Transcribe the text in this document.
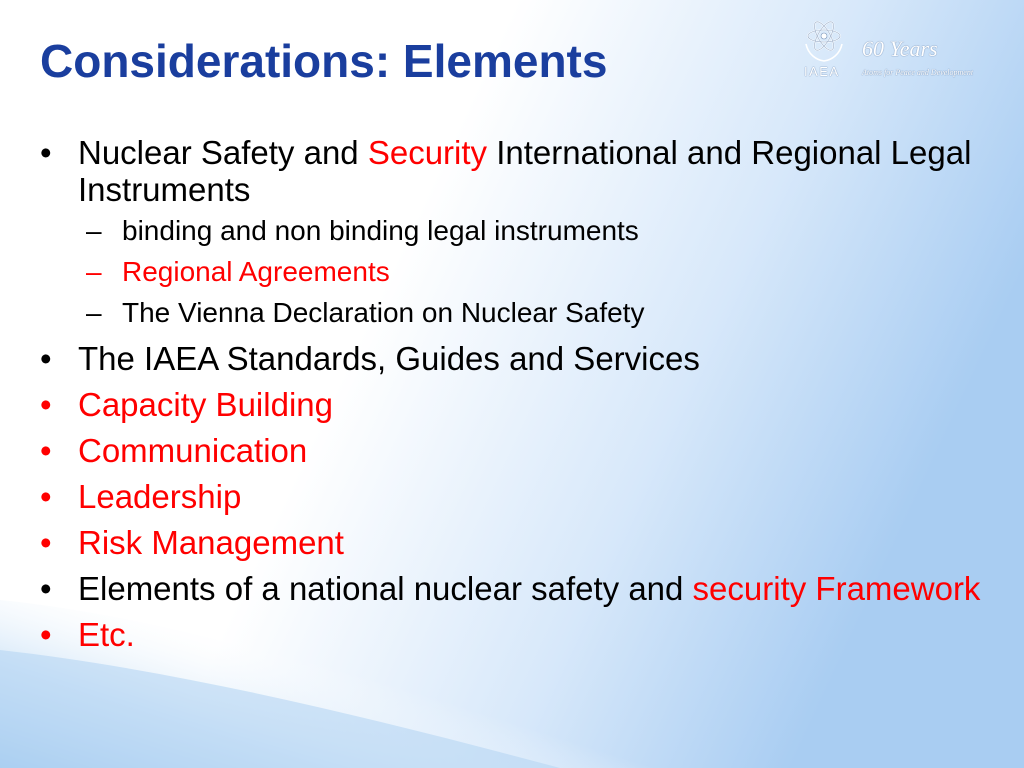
Considerations: Elements	IAEA
60 Years
Atoms for Peace and Development
• Nuclear Safety and Security International and Regional Legal Instruments
– binding and non binding legal instruments
– Regional Agreements
– The Vienna Declaration on Nuclear Safety
• The IAEA Standards, Guides and Services
• Capacity Building
• Communication
• Leadership
• Risk Management
• Elements of a national nuclear safety and security Framework
• Etc.
